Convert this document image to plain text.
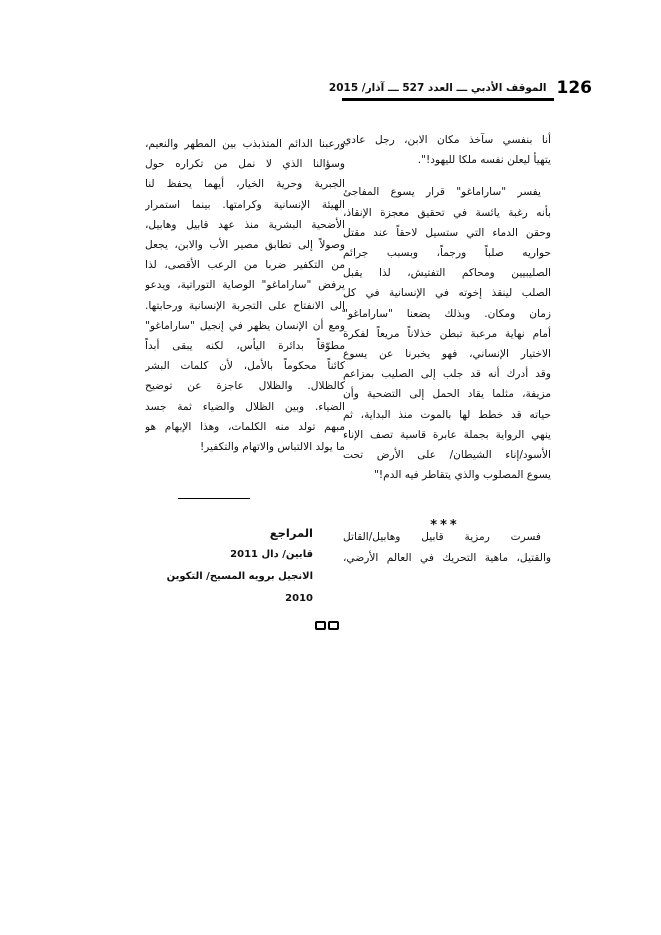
126
الموقف الأدبي ـــ العدد 527 ـــ آذار/ 2015

أنا بنفسي سآخذ مكان الابن، رجل عادي
يتهيأ ليعلن نفسه ملكا لليهود!".

يفسر "ساراماغو" قرار يسوع المفاجئ
بأنه رغبة يائسة في تحقيق معجزة الإنقاذ،
وحقن الدماء التي ستسيل لاحقاً عند مقتل
حواريه صلباً ورجماً، وبسبب جرائم
الصليبيين ومحاكم التفتيش، لذا يقبل
الصلب لينقذ إخوته في الإنسانية في كل
زمان ومكان. وبذلك يضعنا "ساراماغو"
أمام نهاية مرعبة تبطن خذلاناً مريعاً لفكرة
الاختيار الإنساني، فهو يخبرنا عن يسوع
وقد أدرك أنه قد جلب إلى الصليب بمزاعم
مزيفة، مثلما يقاد الحمل إلى التضحية وأن
حياته قد خطط لها بالموت منذ البداية، ثم
ينهي الرواية بجملة عابرة قاسية تصف الإناء
الأسود/إناء الشيطان/ على الأرض تحت
يسوع المصلوب والذي يتقاطر فيه الدم!"

فسرت رمزية قابيل وهابيل/القاتل
والقتيل، ماهية التحريك في العالم الأرضي،

***

ورعبنا الدائم المتذبذب بين المطهر والنعيم،
وسؤالنا الذي لا نمل من تكراره حول
الجبرية وحرية الخيار، أيهما يحفظ لنا
الهيئة الإنسانية وكرامتها. بينما استمرار
الأضحية البشرية منذ عهد قابيل وهابيل،
وصولاً إلى تطابق مصير الأب والابن، يجعل
من التكفير ضربا من الرعب الأقصى، لذا
يرفض "ساراماغو" الوصاية التوراتية، ويدعو
إلى الانفتاح على التجربة الإنسانية ورحابتها.
ومع أن الإنسان يظهر في إنجيل "ساراماغو"
مطوّقاً بدائرة اليأس، لكنه يبقى أبداً
كائناً محكوماً بالأمل، لأن كلمات البشر
كالظلال. والظلال عاجزة عن توضيح
الضياء. وبين الظلال والضياء ثمة جسد
مبهم تولد منه الكلمات، وهذا الإبهام هو
ما يولد الالتباس والاتهام والتكفير!

المراجع
قابين/ دال 2011
الانجيل برويه المسيح/ التكوين 2010
